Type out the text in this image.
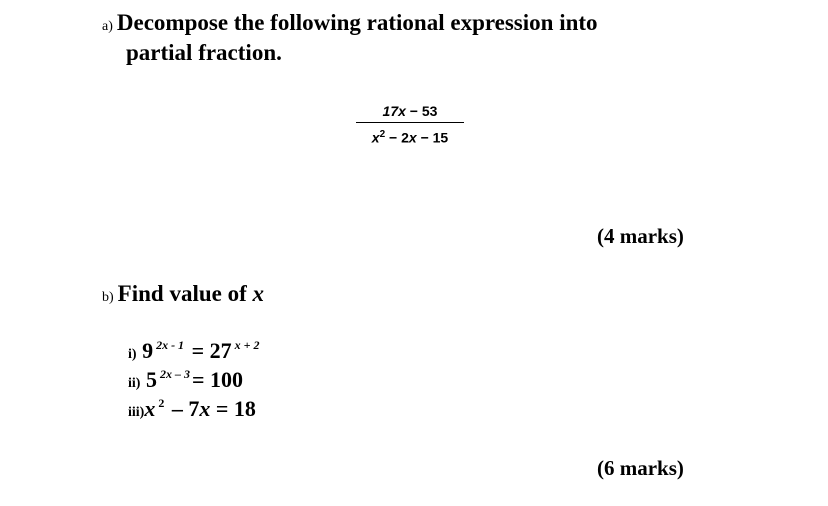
a) Decompose the following rational expression into
partial fraction.
17x − 53
$x^2 - 2x - 15$
(4 marks)
b) Find value of x
i) 9 $^{2x - 1}$ = 27 $^{x + 2}$
ii) 5 $^{2x - 3}$= 100
iii)x $^2$ – 7x = 18
(6 marks)
